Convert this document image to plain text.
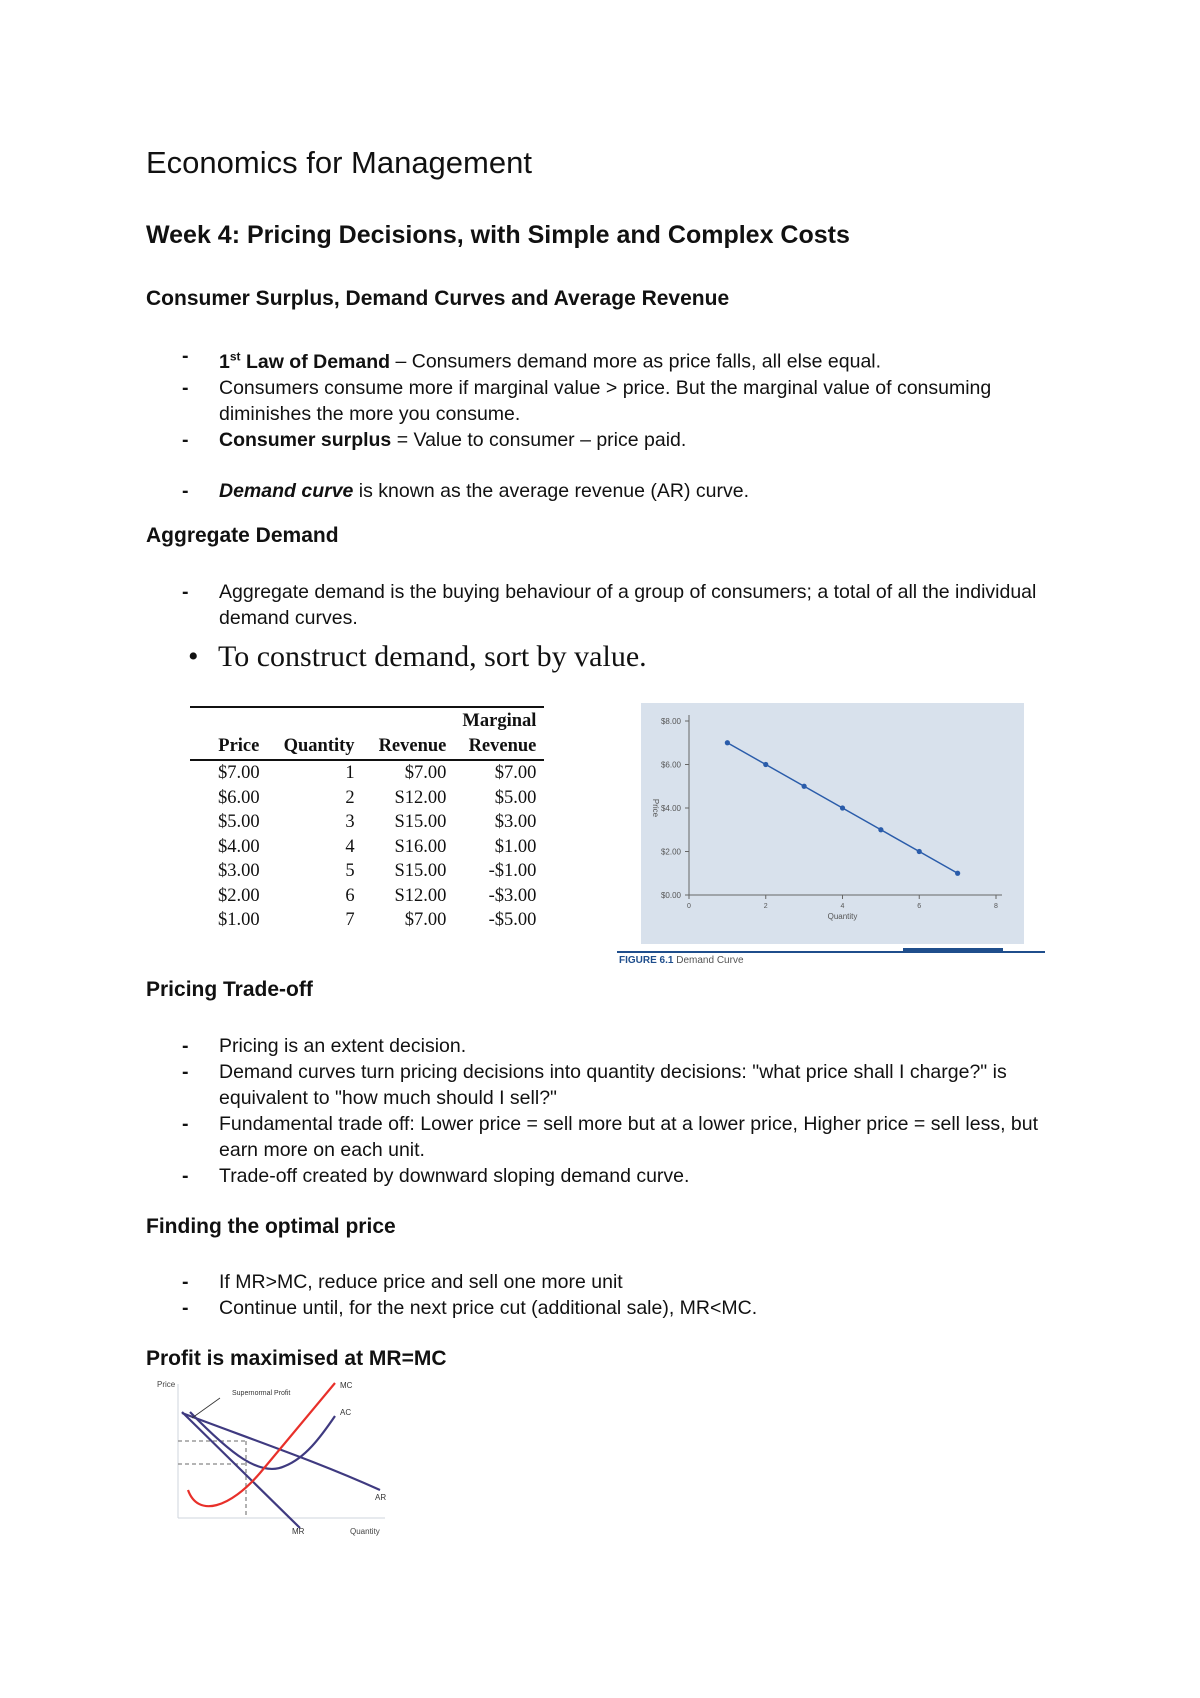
Economics for Management
Week 4: Pricing Decisions, with Simple and Complex Costs
Consumer Surplus, Demand Curves and Average Revenue
- 1st Law of Demand – Consumers demand more as price falls, all else equal.
- Consumers consume more if marginal value > price. But the marginal value of consuming diminishes the more you consume.
- Consumer surplus = Value to consumer – price paid.
- Demand curve is known as the average revenue (AR) curve.
Aggregate Demand
- Aggregate demand is the buying behaviour of a group of consumers; a total of all the individual demand curves.
• To construct demand, sort by value.
			Marginal
Price	Quantity	Revenue	Revenue
$7.00	1	$7.00	$7.00
$6.00	2	S12.00	$5.00
$5.00	3	S15.00	$3.00
$4.00	4	S16.00	$1.00
$3.00	5	S15.00	-$1.00
$2.00	6	S12.00	-$3.00
$1.00	7	$7.00	-$5.00
$0.00
$2.00
$4.00
$6.00
$8.00
0	2	4	6	8
Quantity
Price
FIGURE 6.1 Demand Curve
Pricing Trade-off
- Pricing is an extent decision.
- Demand curves turn pricing decisions into quantity decisions: "what price shall I charge?" is equivalent to "how much should I sell?"
- Fundamental trade off: Lower price = sell more but at a lower price, Higher price = sell less, but earn more on each unit.
- Trade-off created by downward sloping demand curve.
Finding the optimal price
- If MR>MC, reduce price and sell one more unit
- Continue until, for the next price cut (additional sale), MR<MC.
Profit is maximised at MR=MC
Price
Quantity
Supernormal Profit
MC
AC
AR
MR
